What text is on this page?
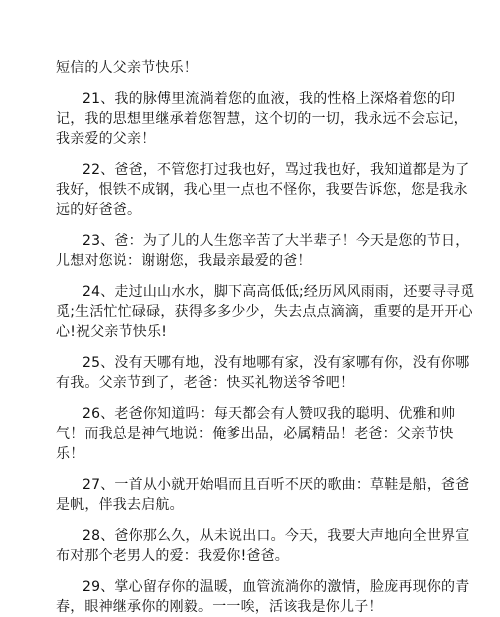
短信的人父亲节快乐！

21、我的脉傅里流淌着您的血液，我的性格上深烙着您的印记，我的思想里继承着您智慧，这个切的一切，我永远不会忘记，我亲爱的父亲！

22、爸爸，不管您打过我也好，骂过我也好，我知道都是为了我好，恨铁不成钢，我心里一点也不怪你，我要告诉您，您是我永远的好爸爸。

23、爸：为了儿的人生您辛苦了大半辈子！今天是您的节日，儿想对您说：谢谢您，我最亲最爱的爸！

24、走过山山水水，脚下高高低低;经历风风雨雨，还要寻寻觅觅;生活忙忙碌碌，获得多多少少，失去点点滴滴，重要的是开开心心!祝父亲节快乐!

25、没有天哪有地，没有地哪有家，没有家哪有你，没有你哪有我。父亲节到了，老爸：快买礼物送爷爷吧！

26、老爸你知道吗：每天都会有人赞叹我的聪明、优雅和帅气！而我总是神气地说：俺爹出品，必属精品！老爸：父亲节快乐！

27、一首从小就开始唱而且百听不厌的歌曲：草鞋是船，爸爸是帆，伴我去启航。

28、爸你那么久，从未说出口。今天，我要大声地向全世界宣布对那个老男人的爱：我爱你!爸爸。

29、掌心留存你的温暖，血管流淌你的激情，脸庞再现你的青春，眼神继承你的刚毅。一一唉，活该我是你儿子！
